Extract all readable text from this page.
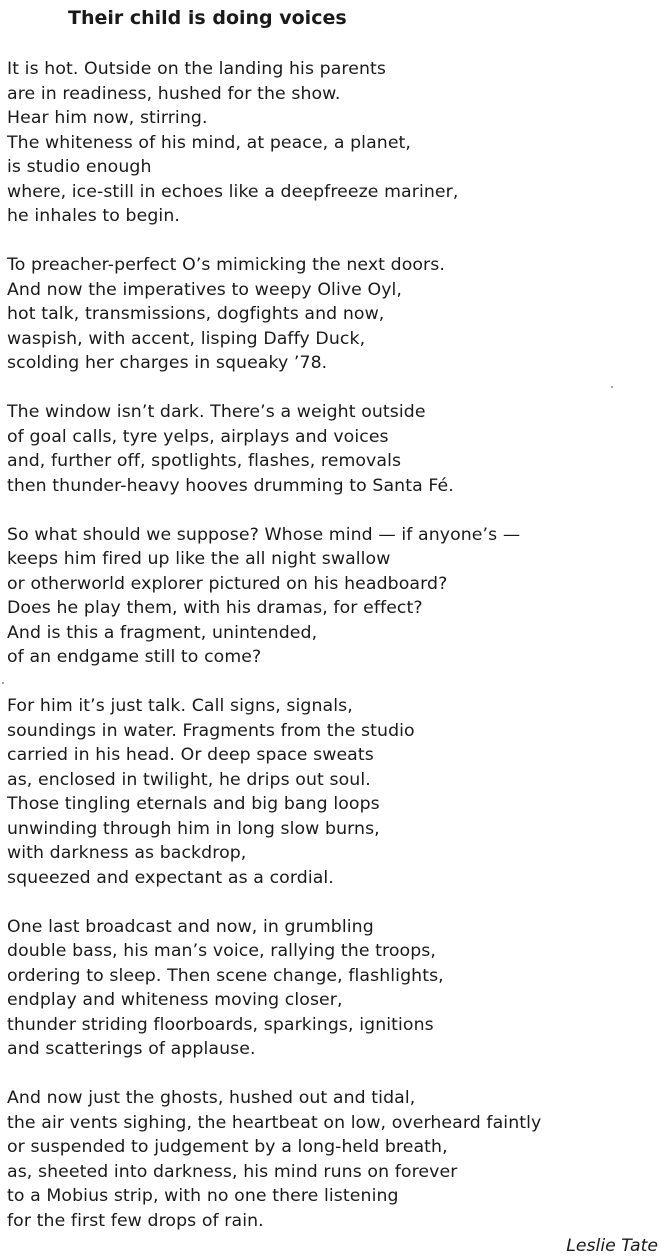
Their child is doing voices
It is hot. Outside on the landing his parents
are in readiness, hushed for the show.
Hear him now, stirring.
The whiteness of his mind, at peace, a planet,
is studio enough
where, ice-still in echoes like a deepfreeze mariner,
he inhales to begin.
To preacher-perfect O’s mimicking the next doors.
And now the imperatives to weepy Olive Oyl,
hot talk, transmissions, dogfights and now,
waspish, with accent, lisping Daffy Duck,
scolding her charges in squeaky ’78.
The window isn’t dark. There’s a weight outside
of goal calls, tyre yelps, airplays and voices
and, further off, spotlights, flashes, removals
then thunder-heavy hooves drumming to Santa Fé.
So what should we suppose? Whose mind — if anyone’s —
keeps him fired up like the all night swallow
or otherworld explorer pictured on his headboard?
Does he play them, with his dramas, for effect?
And is this a fragment, unintended,
of an endgame still to come?
For him it’s just talk. Call signs, signals,
soundings in water. Fragments from the studio
carried in his head. Or deep space sweats
as, enclosed in twilight, he drips out soul.
Those tingling eternals and big bang loops
unwinding through him in long slow burns,
with darkness as backdrop,
squeezed and expectant as a cordial.
One last broadcast and now, in grumbling
double bass, his man’s voice, rallying the troops,
ordering to sleep. Then scene change, flashlights,
endplay and whiteness moving closer,
thunder striding floorboards, sparkings, ignitions
and scatterings of applause.
And now just the ghosts, hushed out and tidal,
the air vents sighing, the heartbeat on low, overheard faintly
or suspended to judgement by a long-held breath,
as, sheeted into darkness, his mind runs on forever
to a Mobius strip, with no one there listening
for the first few drops of rain.
Leslie Tate
